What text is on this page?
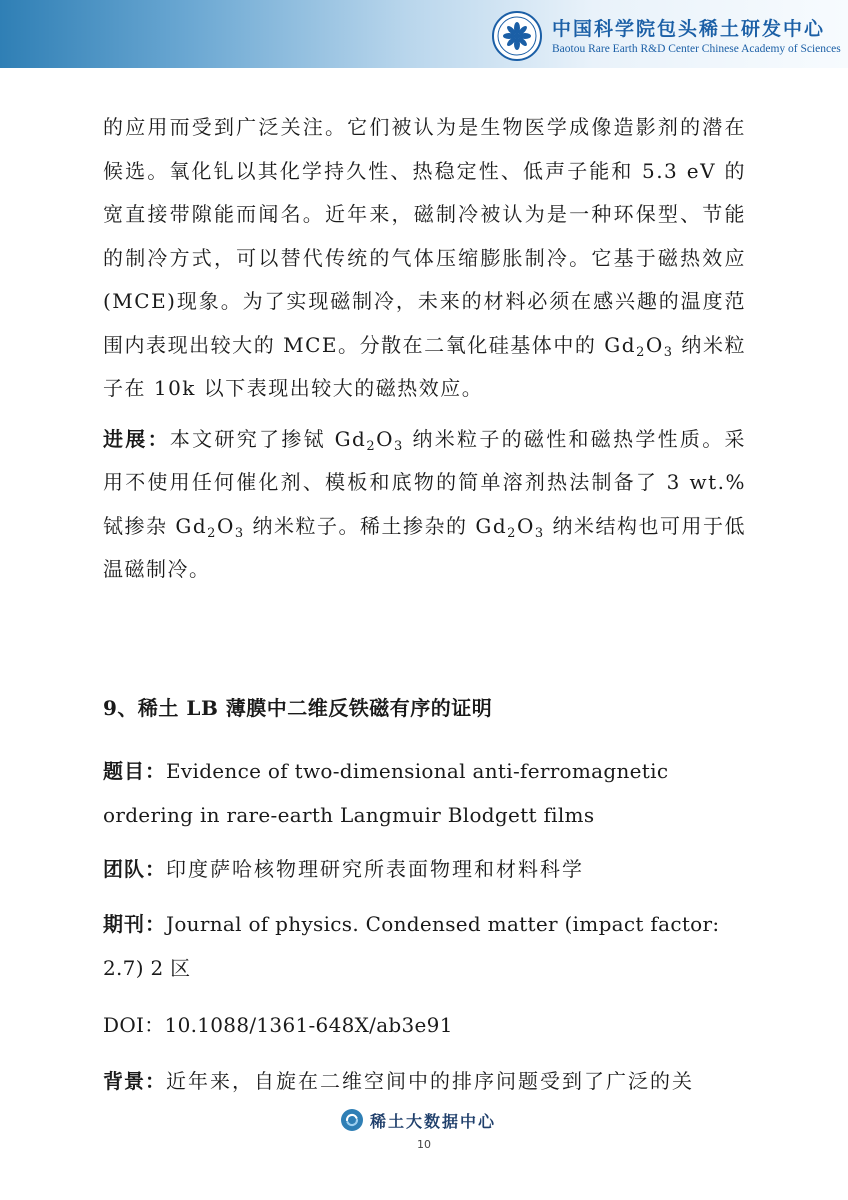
中国科学院包头稀土研发中心
Baotou Rare Earth R&D Center Chinese Academy of Sciences

的应用而受到广泛关注。它们被认为是生物医学成像造影剂的潜在候选。氧化钆以其化学持久性、热稳定性、低声子能和 5.3 eV 的宽直接带隙能而闻名。近年来，磁制冷被认为是一种环保型、节能的制冷方式，可以替代传统的气体压缩膨胀制冷。它基于磁热效应(MCE)现象。为了实现磁制冷，未来的材料必须在感兴趣的温度范围内表现出较大的 MCE。分散在二氧化硅基体中的 $Gd_2O_3$ 纳米粒子在 10k 以下表现出较大的磁热效应。

进展：本文研究了掺铽 $Gd_2O_3$ 纳米粒子的磁性和磁热学性质。采用不使用任何催化剂、模板和底物的简单溶剂热法制备了 3 wt.%铽掺杂 $Gd_2O_3$ 纳米粒子。稀土掺杂的 $Gd_2O_3$ 纳米结构也可用于低温磁制冷。

9、稀土 LB 薄膜中二维反铁磁有序的证明
题目：Evidence of two-dimensional anti-ferromagnetic ordering in rare-earth Langmuir Blodgett films
团队：印度萨哈核物理研究所表面物理和材料科学
期刊：Journal of physics. Condensed matter (impact factor: 2.7) 2 区
DOI：10.1088/1361-648X/ab3e91
背景：近年来，自旋在二维空间中的排序问题受到了广泛的关
稀土大数据中心
10
